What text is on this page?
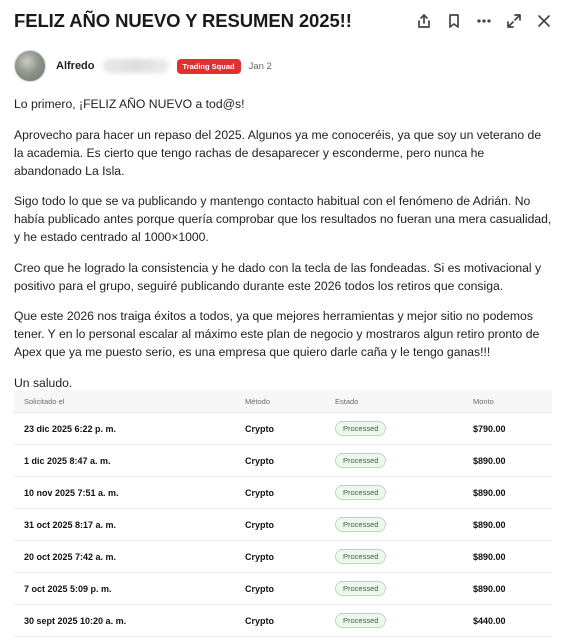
FELIZ AÑO NUEVO Y RESUMEN 2025!!
Alfredo	Trading Squad	Jan 2

Lo primero, ¡FELIZ AÑO NUEVO a tod@s!

Aprovecho para hacer un repaso del 2025. Algunos ya me conoceréis, ya que soy un veterano de la academia. Es cierto que tengo rachas de desaparecer y esconderme, pero nunca he abandonado La Isla.

Sigo todo lo que se va publicando y mantengo contacto habitual con el fenómeno de Adrián. No había publicado antes porque quería comprobar que los resultados no fueran una mera casualidad, y he estado centrado al 1000×1000.

Creo que he logrado la consistencia y he dado con la tecla de las fondeadas. Si es motivacional y positivo para el grupo, seguiré publicando durante este 2026 todos los retiros que consiga.

Que este 2026 nos traiga éxitos a todos, ya que mejores herramientas y mejor sitio no podemos tener. Y en lo personal escalar al máximo este plan de negocio y mostraros algun retiro pronto de Apex que ya me puesto serio, es una empresa que quiero darle caña y le tengo ganas!!!

Un saludo.

Solicitado el	Método	Estado	Monto
23 dic 2025 6:22 p. m.	Crypto	Processed	$790.00
1 dic 2025 8:47 a. m.	Crypto	Processed	$890.00
10 nov 2025 7:51 a. m.	Crypto	Processed	$890.00
31 oct 2025 8:17 a. m.	Crypto	Processed	$890.00
20 oct 2025 7:42 a. m.	Crypto	Processed	$890.00
7 oct 2025 5:09 p. m.	Crypto	Processed	$890.00
30 sept 2025 10:20 a. m.	Crypto	Processed	$440.00
